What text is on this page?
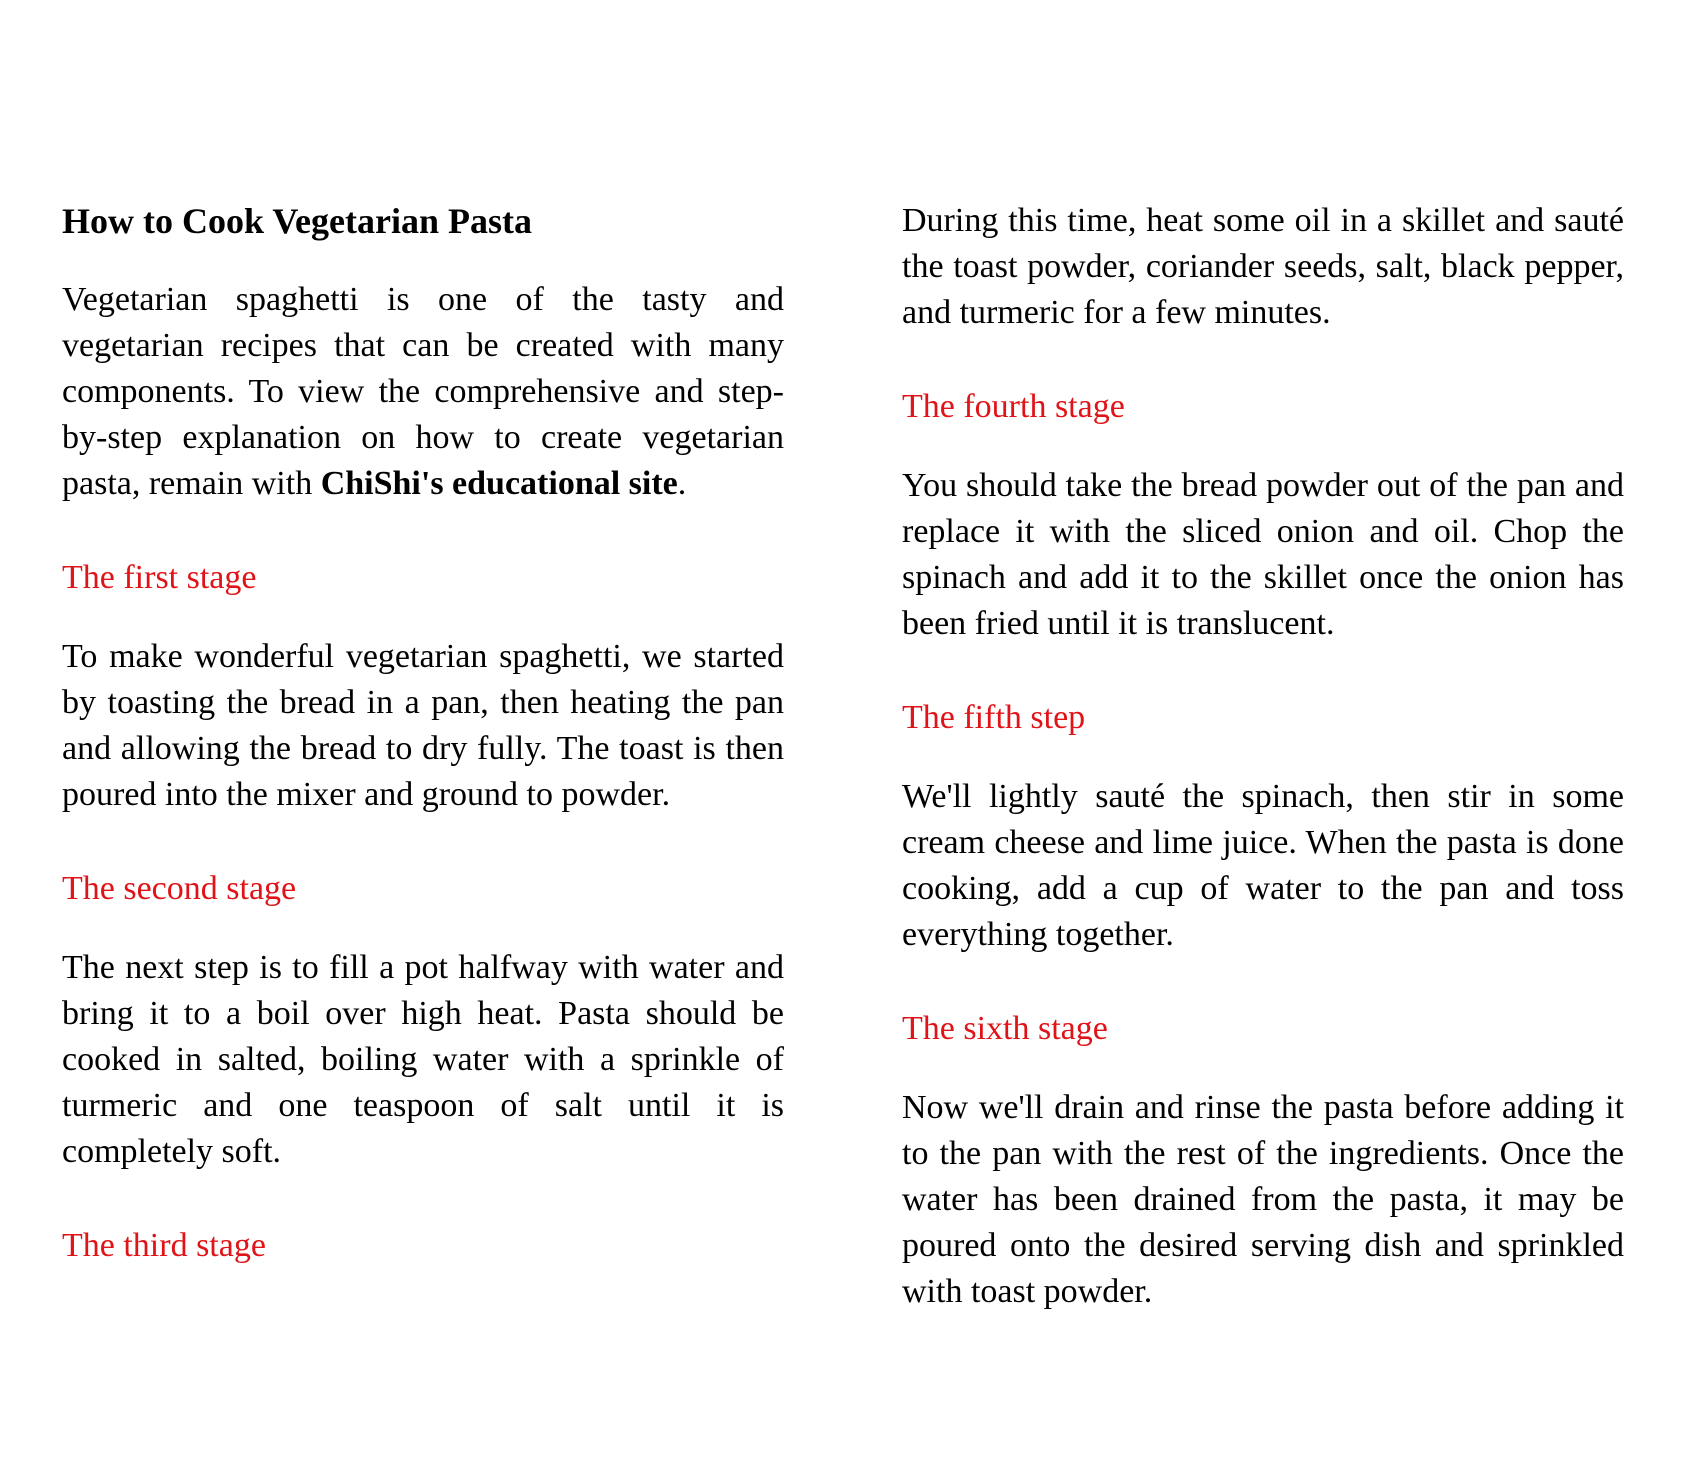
How to Cook Vegetarian Pasta

Vegetarian spaghetti is one of the tasty and vegetarian recipes that can be created with many components. To view the comprehensive and step-by-step explanation on how to create vegetarian pasta, remain with ChiShi's educational site.

The first stage

To make wonderful vegetarian spaghetti, we started by toasting the bread in a pan, then heating the pan and allowing the bread to dry fully. The toast is then poured into the mixer and ground to powder.

The second stage

The next step is to fill a pot halfway with water and bring it to a boil over high heat. Pasta should be cooked in salted, boiling water with a sprinkle of turmeric and one teaspoon of salt until it is completely soft.

The third stage

During this time, heat some oil in a skillet and sauté the toast powder, coriander seeds, salt, black pepper, and turmeric for a few minutes.

The fourth stage

You should take the bread powder out of the pan and replace it with the sliced onion and oil. Chop the spinach and add it to the skillet once the onion has been fried until it is translucent.

The fifth step

We'll lightly sauté the spinach, then stir in some cream cheese and lime juice. When the pasta is done cooking, add a cup of water to the pan and toss everything together.

The sixth stage

Now we'll drain and rinse the pasta before adding it to the pan with the rest of the ingredients. Once the water has been drained from the pasta, it may be poured onto the desired serving dish and sprinkled with toast powder.
